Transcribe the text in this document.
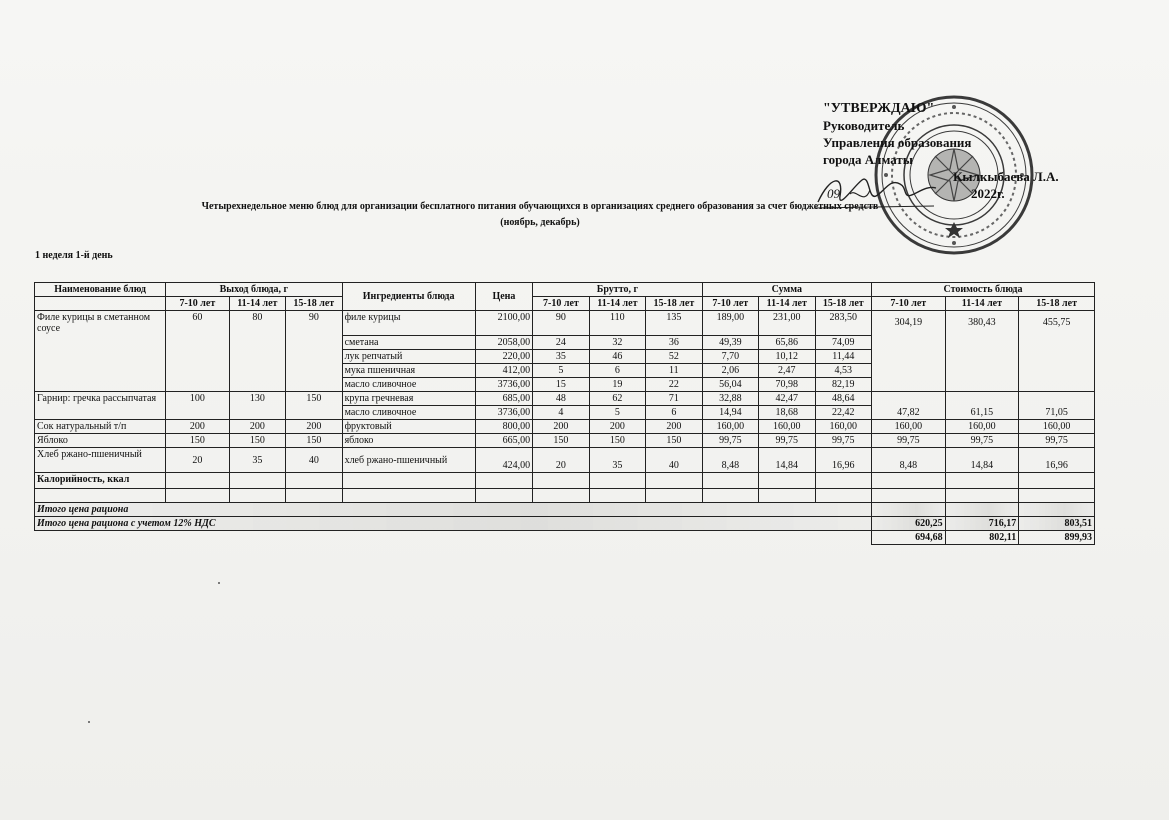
"УТВЕРЖДАЮ"
Руководитель
Управления образования
города Алматы
Кылкыбаева Л.А.
09	2022г.
Четырехнедельное меню блюд для организации бесплатного питания обучающихся в организациях среднего образования за счет бюджетных средств
(ноябрь, декабрь)
1 неделя 1-й день
Наименование блюд	Выход блюда, г			Ингредиенты блюда	Цена	Брутто, г			Сумма			Стоимость блюда		
	7-10 лет	11-14 лет	15-18 лет			7-10 лет	11-14 лет	15-18 лет	7-10 лет	11-14 лет	15-18 лет	7-10 лет	11-14 лет	15-18 лет

Филе курицы в сметанном соусе	60	80	90	филе курицы	2100,00	90	110	135	189,00	231,00	283,50	304,19	380,43	455,75
				сметана	2058,00	24	32	36	49,39	65,86	74,09			
				лук репчатый	220,00	35	46	52	7,70	10,12	11,44			
				мука пшеничная	412,00	5	6	11	2,06	2,47	4,53			
				масло сливочное	3736,00	15	19	22	56,04	70,98	82,19			
Гарнир: гречка рассыпчатая	100	130	150	крупа гречневая	685,00	48	62	71	32,88	42,47	48,64	47,82	61,15	71,05
				масло сливочное	3736,00	4	5	6	14,94	18,68	22,42			
Сок натуральный т/п	200	200	200	фруктовый	800,00	200	200	200	160,00	160,00	160,00	160,00	160,00	160,00
Яблоко	150	150	150	яблоко	665,00	150	150	150	99,75	99,75	99,75	99,75	99,75	99,75
Хлеб ржано-пшеничный	20	35	40	хлеб ржано-пшеничный	424,00	20	35	40	8,48	14,84	16,96	8,48	14,84	16,96
Калорийность, ккал														

Итого цена рациона														
Итого цена рациона с учетом 12% НДС												620,25	716,17	803,51
												694,68	802,11	899,93
